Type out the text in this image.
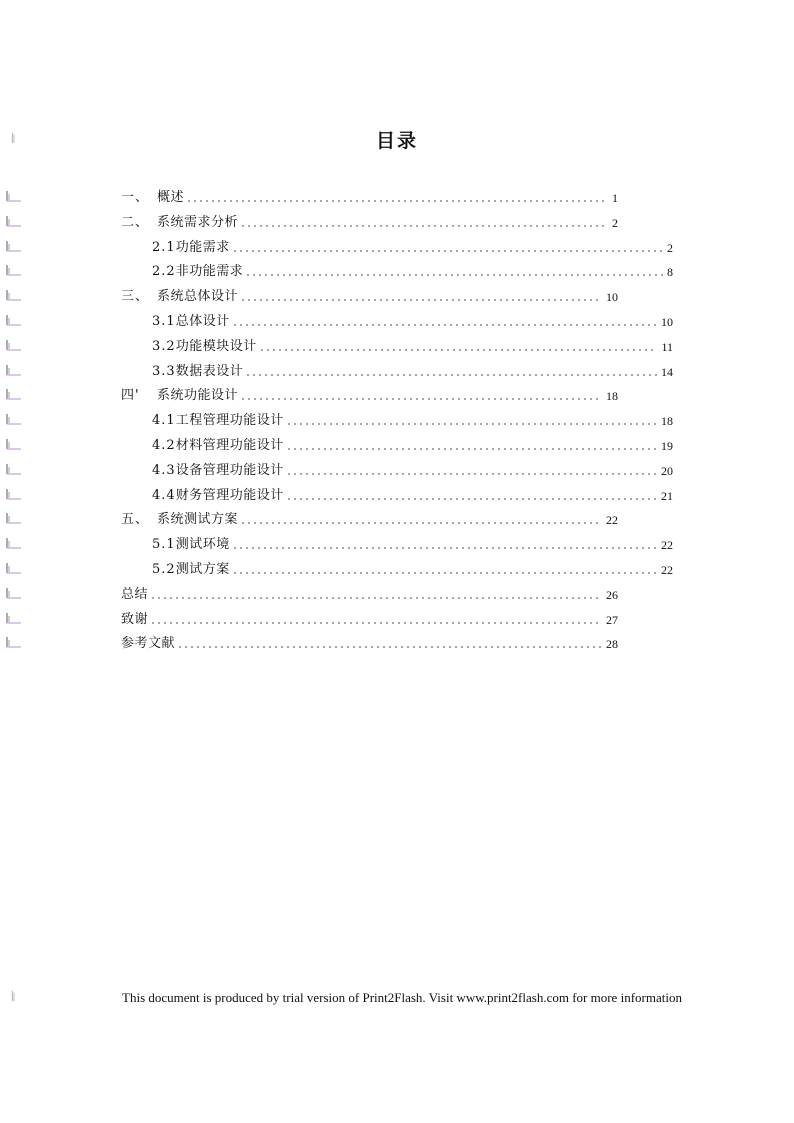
目录
一、 概述	1
二、 系统需求分析	2
2.1功能需求	2
2.2非功能需求	8
三、 系统总体设计	10
3.1总体设计	10
3.2功能模块设计	11
3.3数据表设计	14
四' 系统功能设计	18
4.1工程管理功能设计	18
4.2材料管理功能设计	19
4.3设备管理功能设计	20
4.4财务管理功能设计	21
五、 系统测试方案	22
5.1测试环境	22
5.2测试方案	22
总结	26
致谢	27
参考文献	28
This document is produced by trial version of Print2Flash. Visit www.print2flash.com for more information
